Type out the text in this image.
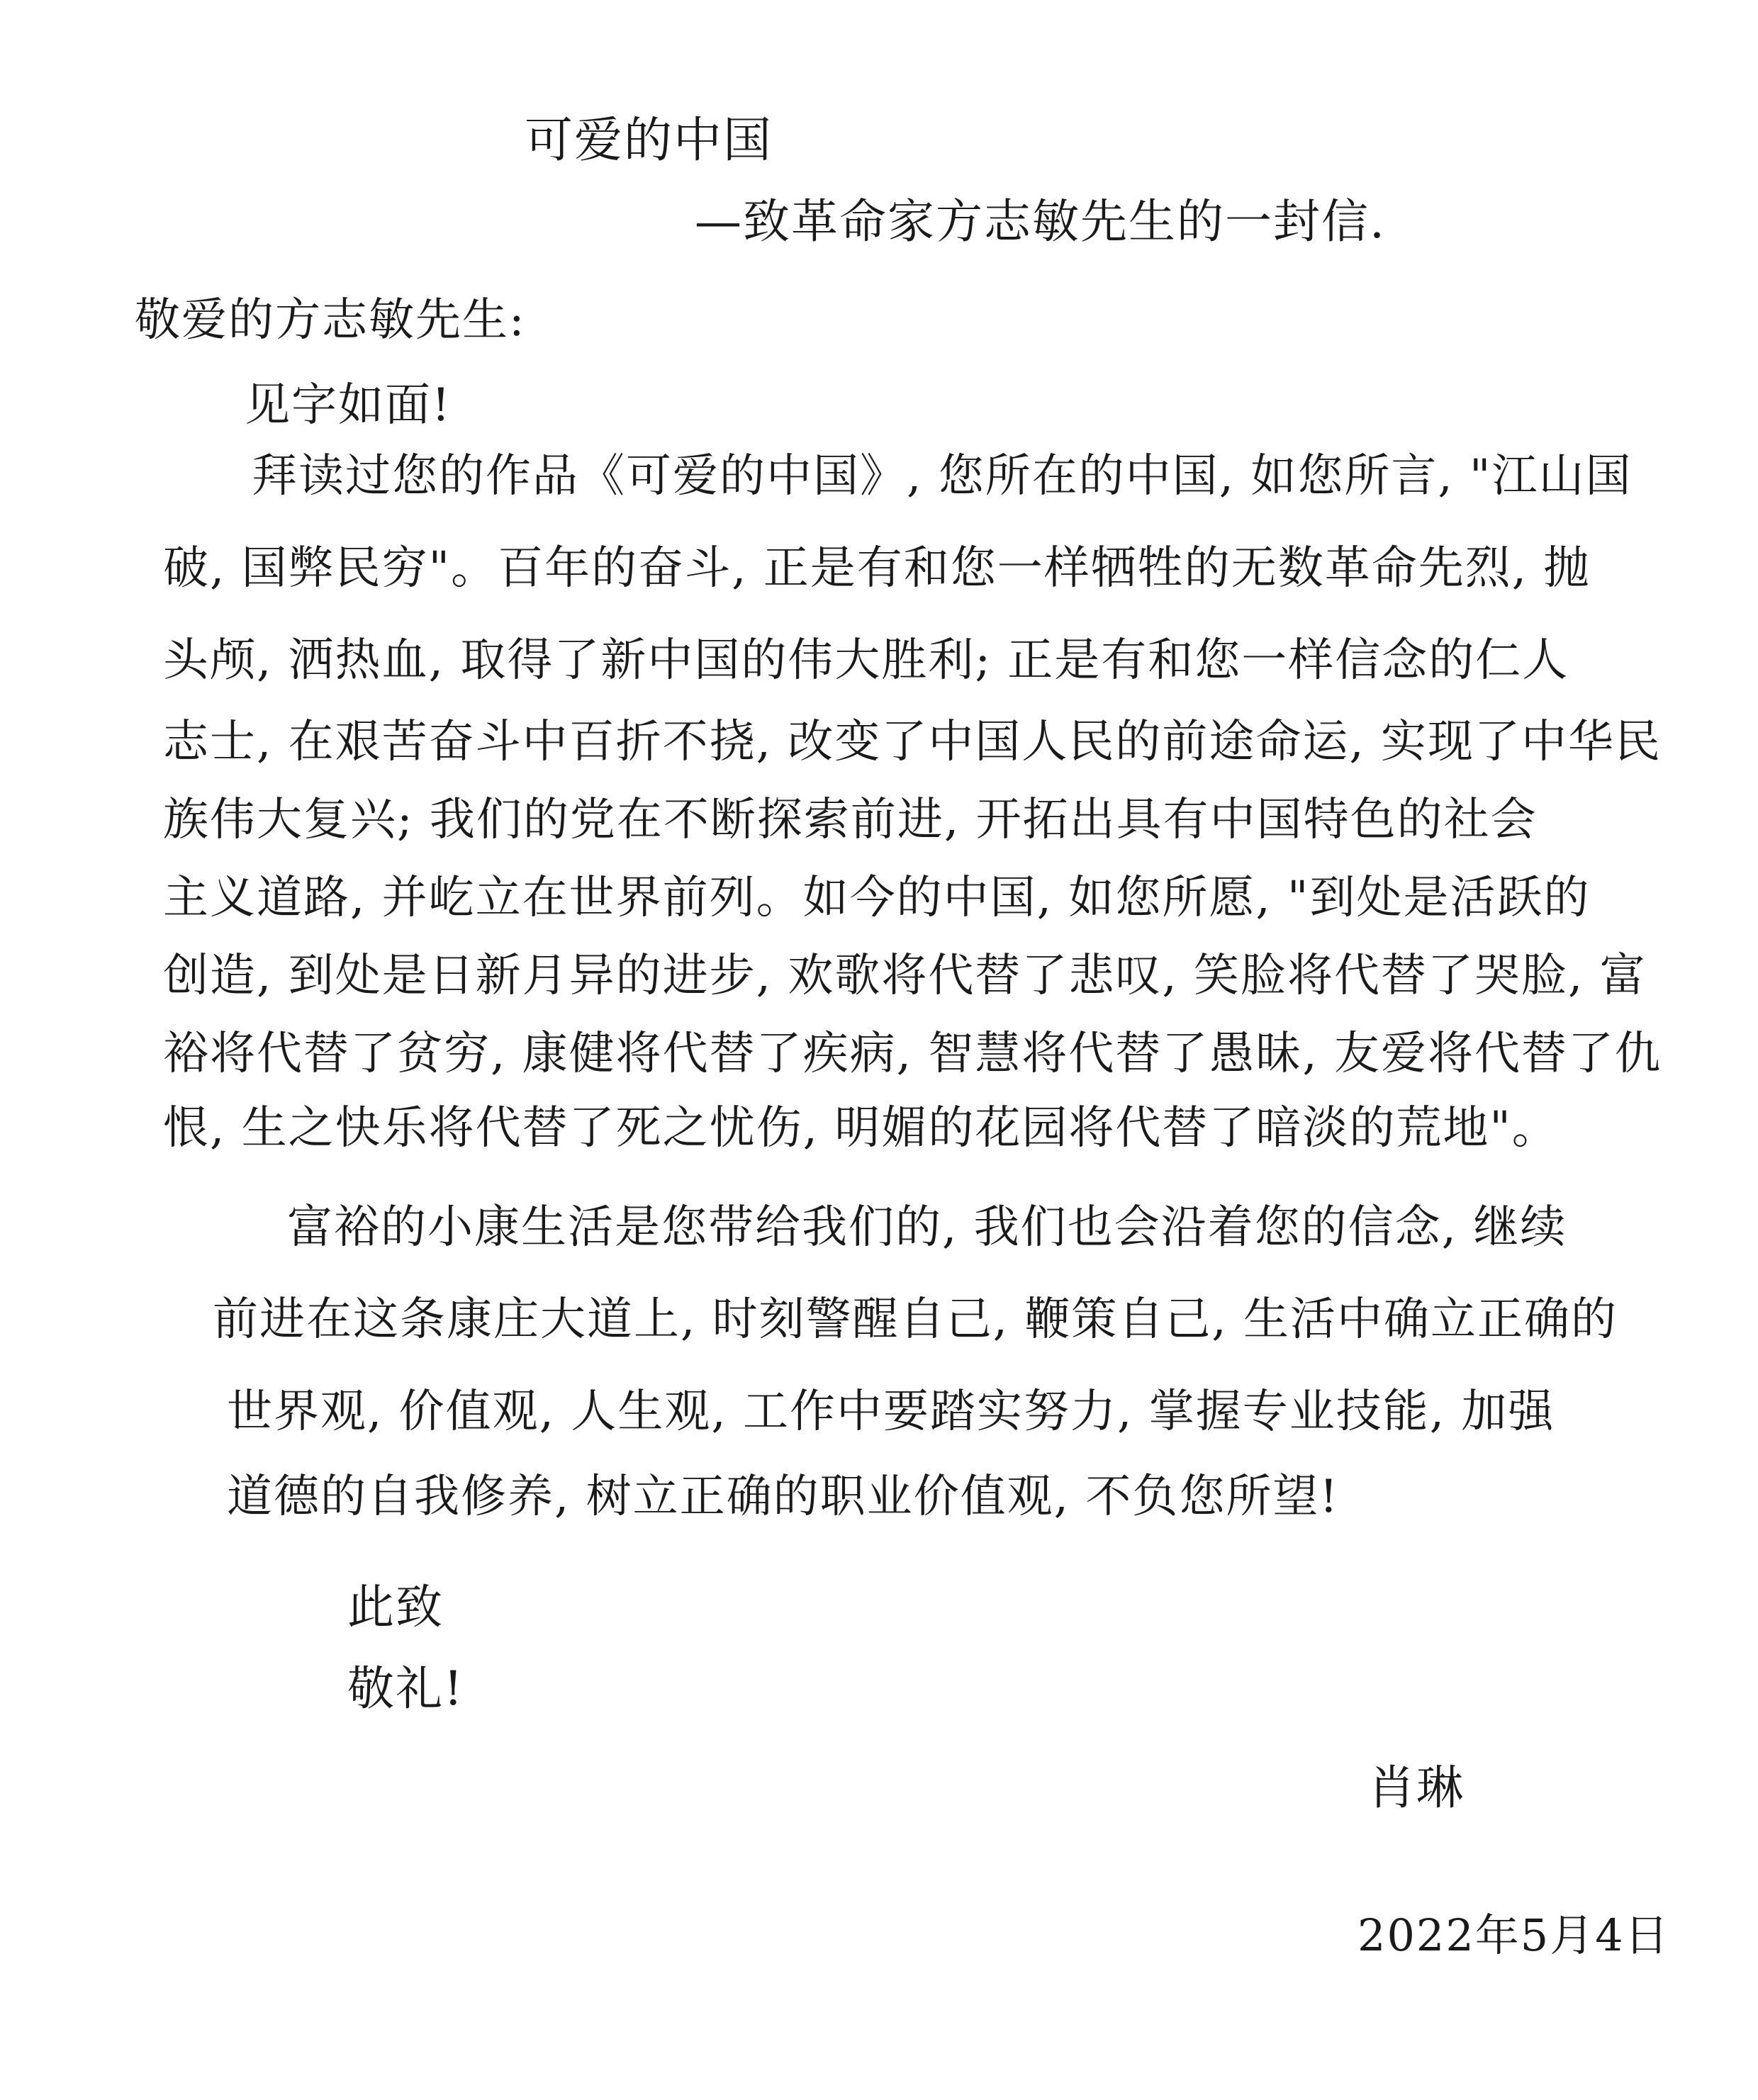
可爱的中国
—致革命家方志敏先生的一封信.
敬爱的方志敏先生:
见字如面!
拜读过您的作品《可爱的中国》, 您所在的中国, 如您所言, "江山国
破, 国弊民穷"。百年的奋斗, 正是有和您一样牺牲的无数革命先烈, 抛
头颅, 洒热血, 取得了新中国的伟大胜利; 正是有和您一样信念的仁人
志士, 在艰苦奋斗中百折不挠, 改变了中国人民的前途命运, 实现了中华民
族伟大复兴; 我们的党在不断探索前进, 开拓出具有中国特色的社会
主义道路, 并屹立在世界前列。如今的中国, 如您所愿, "到处是活跃的
创造, 到处是日新月异的进步, 欢歌将代替了悲叹, 笑脸将代替了哭脸, 富
裕将代替了贫穷, 康健将代替了疾病, 智慧将代替了愚昧, 友爱将代替了仇
恨, 生之快乐将代替了死之忧伤, 明媚的花园将代替了暗淡的荒地"。
富裕的小康生活是您带给我们的, 我们也会沿着您的信念, 继续
前进在这条康庄大道上, 时刻警醒自己, 鞭策自己, 生活中确立正确的
世界观, 价值观, 人生观, 工作中要踏实努力, 掌握专业技能, 加强
道德的自我修养, 树立正确的职业价值观, 不负您所望!
此致
敬礼!
肖琳
2022年5月4日
